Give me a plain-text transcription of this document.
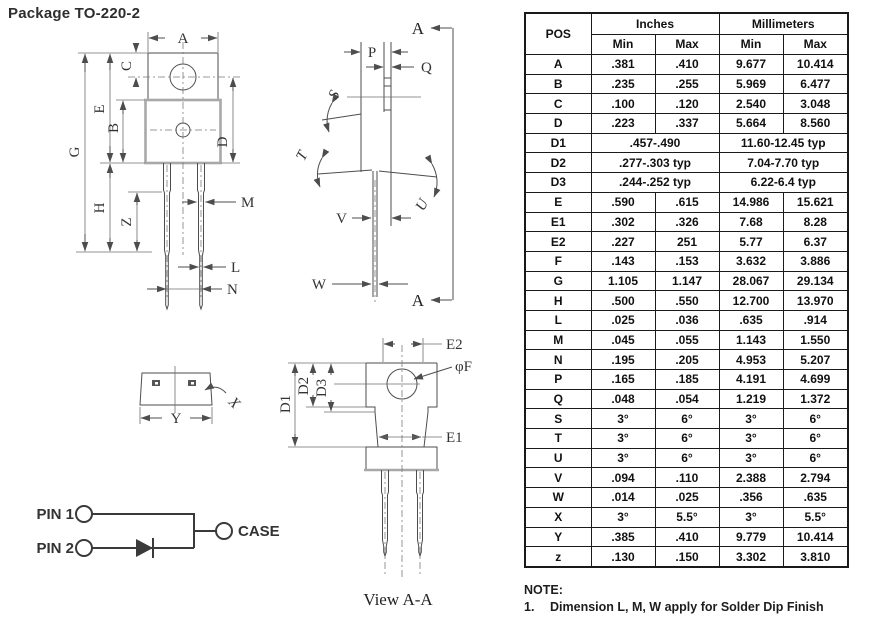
Package TO-220-2
A
C
E
B
G
H
Z
D
M
L
N
P
Q
S
T
U
V
W
A
A
φF
E2
E1
D1
D2 D3
View A-A
Y
X
PIN 1
PIN 2
CASE
POS	Inches		Millimeters	
	Min	Max	Min	Max
A	.381	.410	9.677	10.414
B	.235	.255	5.969	6.477
C	.100	.120	2.540	3.048
D	.223	.337	5.664	8.560
D1	.457-.490		11.60-12.45 typ	
D2	.277-.303 typ		7.04-7.70 typ	
D3	.244-.252 typ		6.22-6.4 typ	
E	.590	.615	14.986	15.621
E1	.302	.326	7.68	8.28
E2	.227	251	5.77	6.37
F	.143	.153	3.632	3.886
G	1.105	1.147	28.067	29.134
H	.500	.550	12.700	13.970
L	.025	.036	.635	.914
M	.045	.055	1.143	1.550
N	.195	.205	4.953	5.207
P	.165	.185	4.191	4.699
Q	.048	.054	1.219	1.372
S	3°	6°	3°	6°
T	3°	6°	3°	6°
U	3°	6°	3°	6°
V	.094	.110	2.388	2.794
W	.014	.025	.356	.635
X	3°	5.5°	3°	5.5°
Y	.385	.410	9.779	10.414
z	.130	.150	3.302	3.810
NOTE:
1.	Dimension L, M, W apply for Solder Dip Finish
